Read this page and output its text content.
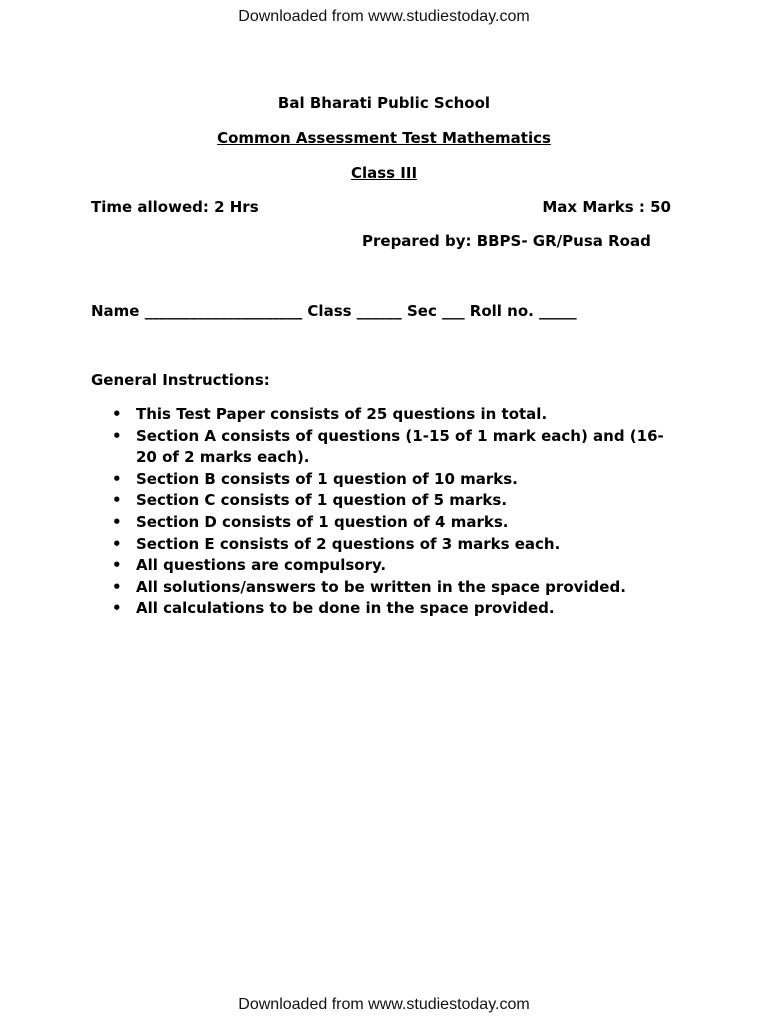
Downloaded from www.studiestoday.com
Bal Bharati Public School
Common Assessment Test Mathematics
Class III
Time allowed: 2 Hrs	Max Marks : 50
Prepared by: BBPS- GR/Pusa Road
Name _____________________ Class ______ Sec ___ Roll no. _____
General Instructions:
• This Test Paper consists of 25 questions in total.
• Section A consists of questions (1-15 of 1 mark each) and (16-20 of 2 marks each).
• Section B consists of 1 question of 10 marks.
• Section C consists of 1 question of 5 marks.
• Section D consists of 1 question of 4 marks.
• Section E consists of 2 questions of 3 marks each.
• All questions are compulsory.
• All solutions/answers to be written in the space provided.
• All calculations to be done in the space provided.
Downloaded from www.studiestoday.com
